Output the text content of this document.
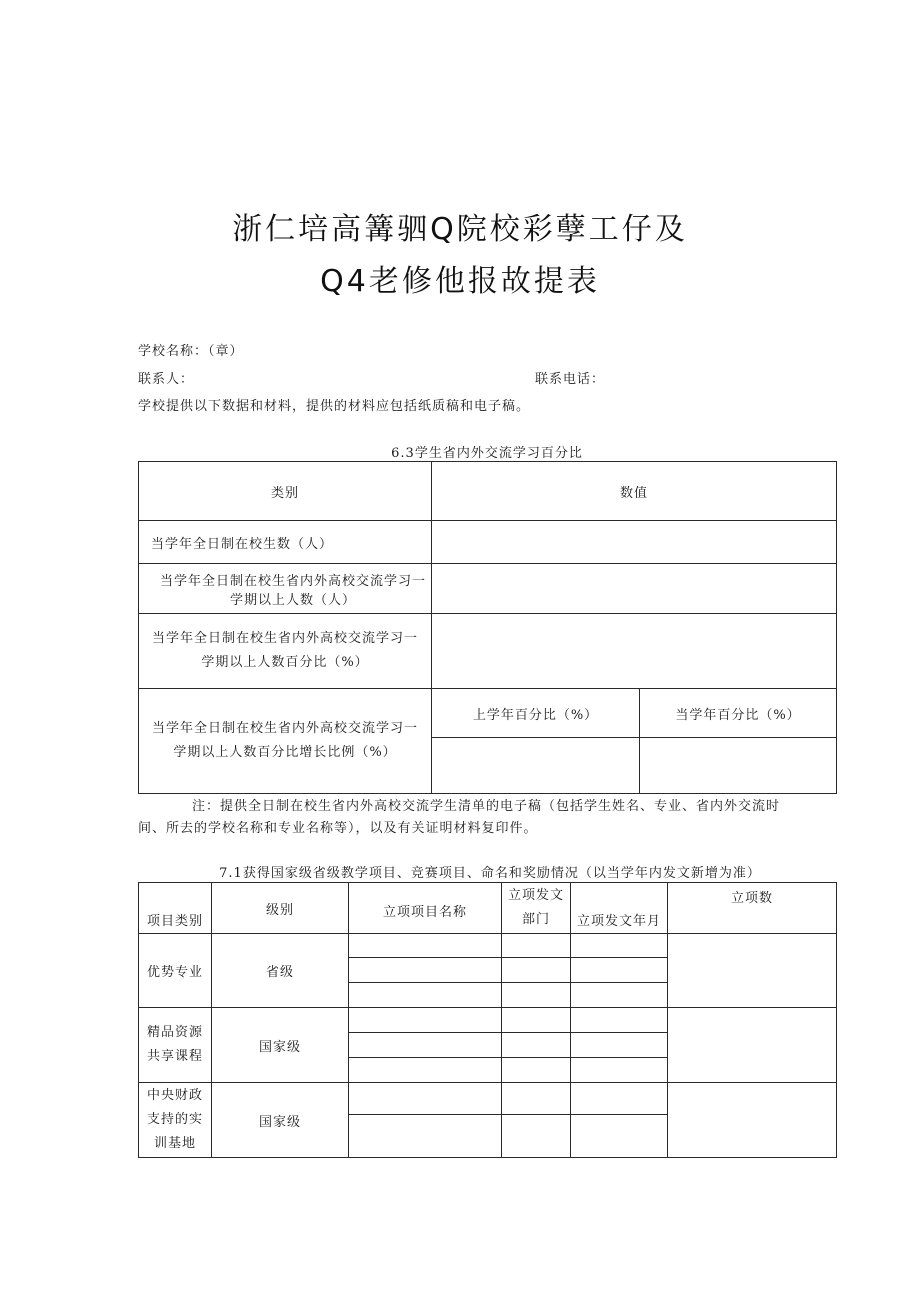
浙仁培高篝驷Q院校彩孽工仔及
Q4老修他报故提表
学校名称：（章）
联系人：	联系电话：
学校提供以下数据和材料，提供的材料应包括纸质稿和电子稿。
6.3学生省内外交流学习百分比
类别	数值	
当学年全日制在校生数（人）		
当学年全日制在校生省内外高校交流学习一学期以上人数（人）		
当学年全日制在校生省内外高校交流学习一学期以上人数百分比（%）		
当学年全日制在校生省内外高校交流学习一学期以上人数百分比增长比例（%）	上学年百分比（%）	当学年百分比（%）

注：提供全日制在校生省内外高校交流学生清单的电子稿（包括学生姓名、专业、省内外交流时间、所去的学校名称和专业名称等），以及有关证明材料复印件。
7.1获得国家级省级教学项目、竞赛项目、命名和奖励情况（以当学年内发文新增为准）
项目类别	级别	立项项目名称	立项发文部门	立项发文年月	立项数
优势专业	省级				

精品资源共享课程	国家级				

中央财政支持的实训基地	国家级				
